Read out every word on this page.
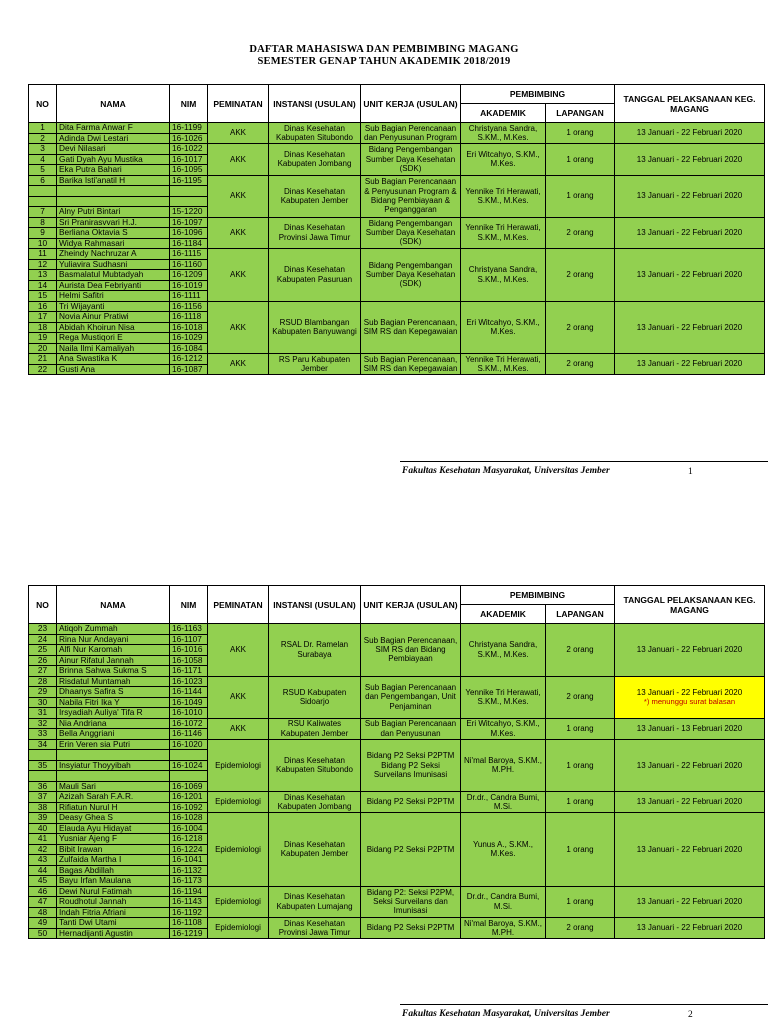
DAFTAR MAHASISWA DAN PEMBIMBING MAGANG
SEMESTER GENAP TAHUN AKADEMIK 2018/2019
NO	NAMA	NIM	PEMINATAN	INSTANSI (USULAN)	UNIT KERJA (USULAN)	PEMBIMBING		TANGGAL PELAKSANAAN KEG. MAGANG
						AKADEMIK	LAPANGAN	
1	Dita Farma Anwar F	16-1199	AKK	Dinas Kesehatan Kabupaten Situbondo	Sub Bagian Perencanaan dan Penyusunan Program	Christyana Sandra, S.KM., M.Kes.	1 orang	13 Januari - 22 Februari 2020
2	Adinda Dwi Lestari	16-1026						
3	Devi Nilasari	16-1022	AKK	Dinas Kesehatan Kabupaten Jombang	Bidang Pengembangan Sumber Daya Kesehatan (SDK)	Eri Witcahyo, S.KM., M.Kes.	1 orang	13 Januari - 22 Februari 2020
4	Gati Dyah Ayu Mustika	16-1017						
5	Eka Putra Bahari	16-1095						
6	Barika Isti'anatil H	16-1195	AKK	Dinas Kesehatan Kabupaten Jember	Sub Bagian Perencanaan & Penyusunan Program & Bidang Pembiayaan & Penganggaran	Yennike Tri Herawati, S.KM., M.Kes.	1 orang	13 Januari - 22 Februari 2020

7	Alny Putri Bintari	15-1220						
8	Sri Pranirasvvari H.J.	16-1097	AKK	Dinas Kesehatan Provinsi Jawa Timur	Bidang Pengembangan Sumber Daya Kesehatan (SDK)	Yennike Tri Herawati, S.KM., M.Kes.	2 orang	13 Januari - 22 Februari 2020
9	Berliana Oktavia S	16-1096						
10	Widya Rahmasari	16-1184						
11	Zheindy Nachruzar A	16-1115	AKK	Dinas Kesehatan Kabupaten Pasuruan	Bidang Pengembangan Sumber Daya Kesehatan (SDK)	Christyana Sandra, S.KM., M.Kes.	2 orang	13 Januari - 22 Februari 2020
12	Yuliavira Sudhasni	16-1160						
13	Basmalatul Mubtadyah	16-1209						
14	Aurista Dea Febriyanti	16-1019						
15	Helmi Safitri	16-1111						
16	Tri Wijayanti	16-1156	AKK	RSUD Blambangan Kabupaten Banyuwangi	Sub Bagian Perencanaan, SIM RS dan Kepegawaian	Eri Witcahyo, S.KM., M.Kes.	2 orang	13 Januari - 22 Februari 2020
17	Novia Ainur Pratiwi	16-1118						
18	Abidah Khoirun Nisa	16-1018						
19	Rega Mustiqori E	16-1029						
20	Naila Ilmi Kamaliyah	16-1084						
21	Ana Swastika K	16-1212	AKK	RS Paru Kabupaten Jember	Sub Bagian Perencanaan, SIM RS dan Kepegawaian	Yennike Tri Herawati, S.KM., M.Kes.	2 orang	13 Januari - 22 Februari 2020
22	Gusti Ana	16-1087						
Fakultas Kesehatan Masyarakat, Universitas Jember	1
NO	NAMA	NIM	PEMINATAN	INSTANSI (USULAN)	UNIT KERJA (USULAN)	PEMBIMBING		TANGGAL PELAKSANAAN KEG. MAGANG
						AKADEMIK	LAPANGAN	
23	Atiqoh Zummah	16-1163	AKK	RSAL Dr. Ramelan Surabaya	Sub Bagian Perencanaan, SIM RS dan Bidang Pembiayaan	Christyana Sandra, S.KM., M.Kes.	2 orang	13 Januari - 22 Februari 2020
24	Rina Nur Andayani	16-1107						
25	Alfi Nur Karomah	16-1016						
26	Ainur Rifatul Jannah	16-1058						
27	Brinna Sahwa Sukma S	16-1171						
28	Risdatul Muntamah	16-1023	AKK	RSUD Kabupaten Sidoarjo	Sub Bagian Perencanaan dan Pengembangan, Unit Penjaminan	Yennike Tri Herawati, S.KM., M.Kes.	2 orang	13 Januari - 22 Februari 2020
*) menunggu surat balasan

29	Dhaanys Safira S	16-1144						
30	Nabila Fitri Ika Y	16-1049						
31	Irsyadiah Auliya' Tifa R	16-1010						
32	Nia Andriana	16-1072	AKK	RSU Kaliwates Kabupaten Jember	Sub Bagian Perencanaan dan Penyusunan	Eri Witcahyo, S.KM., M.Kes.	1 orang	13 Januari - 13 Februari 2020
33	Bella Anggriani	16-1146						
34	Erin Veren sia Putri	16-1020	Epidemiologi	Dinas Kesehatan Kabupaten Situbondo	Bidang P2 Seksi P2PTM Bidang P2 Seksi Surveilans Imunisasi	Ni'mal Baroya, S.KM., M.PH.	1 orang	13 Januari - 22 Februari 2020

35	Insyiatur Thoyyibah	16-1024						

36	Mauli Sari	16-1069						
37	Azizah Sarah F.A.R.	16-1201	Epidemiologi	Dinas Kesehatan Kabupaten Jombang	Bidang P2 Seksi P2PTM	Dr.dr., Candra Bumi, M.Si.	1 orang	13 Januari - 22 Februari 2020
38	Rifiatun Nurul H	16-1092						
39	Deasy Ghea S	16-1028	Epidemiologi	Dinas Kesehatan Kabupaten Jember	Bidang P2 Seksi P2PTM	Yunus A., S.KM., M.Kes.	1 orang	13 Januari - 22 Februari 2020
40	Elauda Ayu Hidayat	16-1004						
41	Yusniar Ajeng F	16-1218						
42	Bibit Irawan	16-1224						
43	Zulfaida Martha I	16-1041						
44	Bagas Abdillah	16-1132						
45	Bayu Irfan Maulana	16-1173						
46	Dewi Nurul Fatimah	16-1194	Epidemiologi	Dinas Kesehatan Kabupaten Lumajang	Bidang P2: Seksi P2PM, Seksi Surveilans dan Imunisasi	Dr.dr., Candra Bumi, M.Si.	1 orang	13 Januari - 22 Februari 2020
47	Roudhotul Jannah	16-1143						
48	Indah Fitria Afriani	16-1192						
49	Tanti Dwi Utami	16-1108	Epidemiologi	Dinas Kesehatan Provinsi Jawa Timur	Bidang P2 Seksi P2PTM	Ni'mal Baroya, S.KM., M.PH.	2 orang	13 Januari - 22 Februari 2020
50	Hernadijanti Agustin	16-1219						
Fakultas Kesehatan Masyarakat, Universitas Jember	2
